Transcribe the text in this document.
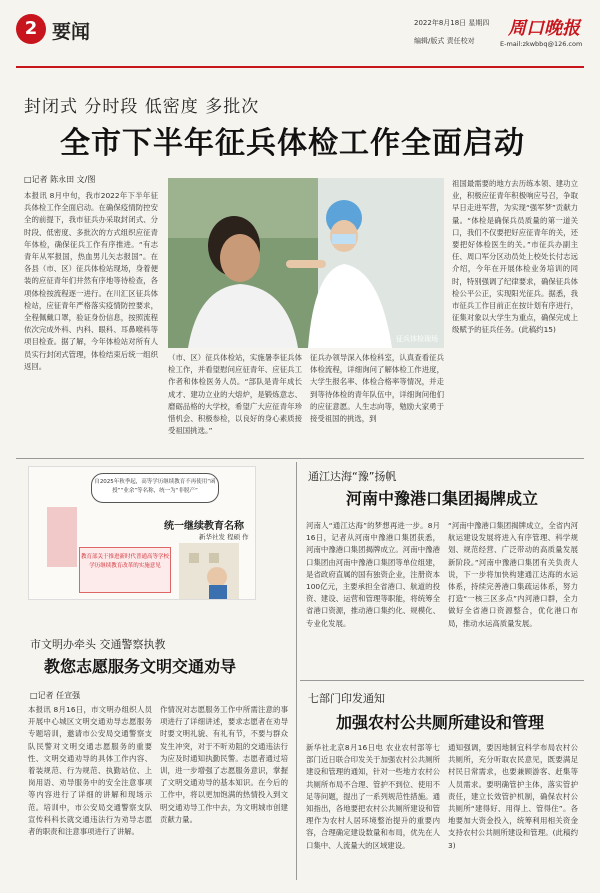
2 要闻	2022年8月18日 星期四
编辑/版式 责任校对
周口晚报
E-mail:zkwbbq@126.com
封闭式 分时段 低密度 多批次
全市下半年征兵体检工作全面启动
□记者 陈永田 文/图
本报讯 8月中旬，我市2022年下半年征兵体检工作全面启动。在确保疫情防控安全的前提下，我市征兵办采取封闭式、分时段、低密度、多批次的方式组织应征青年体检，确保征兵工作有序推进。“有志青年从军报国，热血男儿矢志报国”。在各县（市、区）征兵体检站现场，身着便装的应征青年们井然有序地等待检查，各项体检按流程逐一进行。在川汇区征兵体检站，应征青年严格落实疫情防控要求，全程佩戴口罩，验证身份信息，按照流程依次完成外科、内科、眼科、耳鼻喉科等项目检查。据了解，今年体检站对所有人员实行封闭式管理，体检结束后统一组织返回。
征兵体检现场
（市、区）征兵体检站，实施暑李征兵体检工作，并看望慰问应征青年、应征兵工作者和体检医务人员。“部队是青年成长成才、建功立业的大熔炉，是锻炼意志、磨砺品格的大学校，希望广大应征青年珍惜机会、积极参检，以良好的身心素质接受祖国挑选。”
征兵办领导深入体检科室，认真查看征兵体检流程，详细询问了解体检工作进度，大学生报名率、体检合格率等情况，并走到等待体检的青年队伍中，详细询问他们的应征意愿。人生志向等，勉励大家勇于接受祖国的挑选，到
祖国最需要的地方去历练本领、建功立业，积极应征青年积极响应号召，争取早日走进军营，为实现“强军梦”贡献力量。“体检是确保兵员质量的第一道关口，我们不仅要把好应征青年的关，还要把好体检医生的关。”市征兵办副主任、周口军分区动员处上校处长付志远介绍，今年在开展体检业务培训的同时，特别强调了纪律要求，确保征兵体检公平公正，实现阳光征兵。据悉，我市征兵工作目前正在按计划有序进行，征集对象以大学生为重点，确保完成上级赋予的征兵任务。(此稿约15)
自2025年秋季起，高等学历继续教育不再使用“函授”“业余”等名称，统一为“非脱产”
统一继续教育名称
新华社发 程硕 作
教育部关于推进新时代普通高等学校学历继续教育改革的实施意见
市文明办牵头 交通警察执教
教您志愿服务文明交通劝导
□记者 任宣强
本报讯 8月16日，市文明办组织人员开展中心城区文明交通劝导志愿服务专题培训，邀请市公安局交通警察支队民警对文明交通志愿服务的重要性、文明交通劝导的具体工作内容、着装规范、行为规范、执勤站位、上岗用语、劝导服务中的安全注意事项等内容进行了详细的讲解和现场示范。培训中，市公安局交通警察支队宣传科科长就交通违法行为劝导志愿者的职责和注意事项进行了讲解。
作情况对志愿服务工作中所需注意的事项进行了详细讲述，要求志愿者在劝导时要文明礼貌、有礼有节，不要与群众发生冲突，对于不听劝阻的交通违法行为应及时通知执勤民警。志愿者通过培训，进一步增强了志愿服务意识，掌握了文明交通劝导的基本知识。在今后的工作中，将以更加饱满的热情投入到文明交通劝导工作中去，为文明城市创建贡献力量。
通江达海“豫”扬帆
河南中豫港口集团揭牌成立
河南人“通江达海”的梦想再进一步。8月16日，记者从河南中豫港口集团获悉，河南中豫港口集团揭牌成立。河南中豫港口集团由河南中豫港口集团等单位组建，是省政府直属的国有独资企业，注册资本100亿元，主要承担全省港口、航道的投资、建设、运营和管理等职能，将统筹全省港口资源，推动港口集约化、规模化、专业化发展。
“河南中豫港口集团揭牌成立，全省内河航运建设发展将进入有序管理、科学规划、规范经营、广泛带动的高质量发展新阶段。”河南中豫港口集团有关负责人说，下一步将加快构建通江达海的水运体系，持续完善港口集疏运体系，努力打造“一核三区多点”内河港口群，全力做好全省港口资源整合，优化港口布局，推动水运高质量发展。
七部门印发通知
加强农村公共厕所建设和管理
新华社北京8月16日电 农业农村部等七部门近日联合印发关于加强农村公共厕所建设和管理的通知，针对一些地方农村公共厕所布局不合理、管护不到位、使用不足等问题，提出了一系列规范性措施。通知指出，各地要把农村公共厕所建设和管理作为农村人居环境整治提升的重要内容，合理确定建设数量和布局，优先在人口集中、人流量大的区域建设。
通知强调，要因地制宜科学布局农村公共厕所，充分听取农民意见，既要满足村民日常需求，也要兼顾游客、赶集等人员需求。要明确管护主体，落实管护责任，建立长效管护机制，确保农村公共厕所“建得好、用得上、管得住”。各地要加大资金投入，统筹利用相关资金支持农村公共厕所建设和管理。(此稿约3)
